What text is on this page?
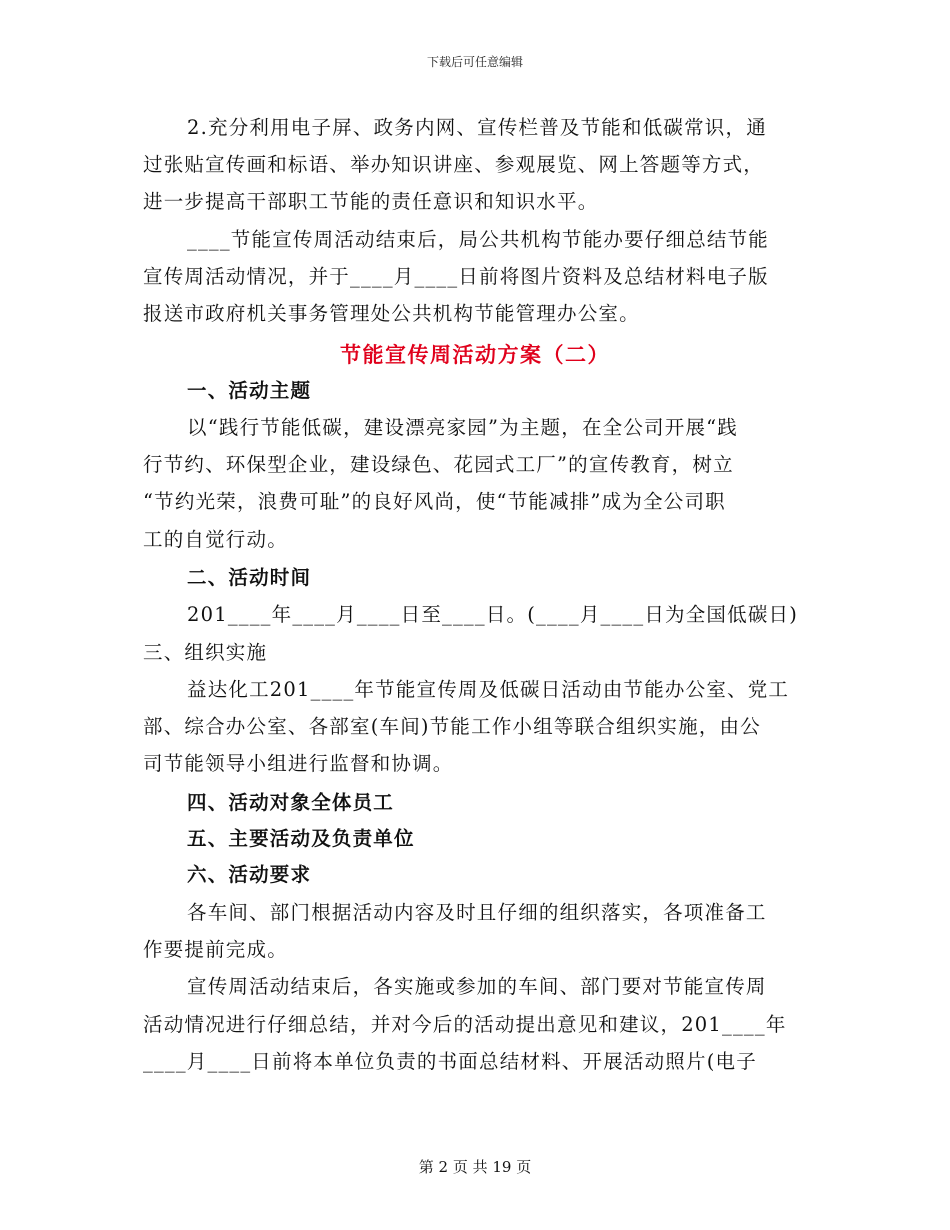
下载后可任意编辑
2.充分利用电子屏、政务内网、宣传栏普及节能和低碳常识，通
过张贴宣传画和标语、举办知识讲座、参观展览、网上答题等方式，
进一步提高干部职工节能的责任意识和知识水平。
____节能宣传周活动结束后，局公共机构节能办要仔细总结节能
宣传周活动情况，并于____月____日前将图片资料及总结材料电子版
报送市政府机关事务管理处公共机构节能管理办公室。
一、活动主题
以“践行节能低碳，建设漂亮家园”为主题，在全公司开展“践
行节约、环保型企业，建设绿色、花园式工厂”的宣传教育，树立
“节约光荣，浪费可耻”的良好风尚，使“节能减排”成为全公司职
工的自觉行动。
二、活动时间
201____年____月____日至____日。(____月____日为全国低碳日)
三、组织实施
益达化工201____年节能宣传周及低碳日活动由节能办公室、党工
部、综合办公室、各部室(车间)节能工作小组等联合组织实施，由公
司节能领导小组进行监督和协调。
四、活动对象全体员工
五、主要活动及负责单位
六、活动要求
各车间、部门根据活动内容及时且仔细的组织落实，各项准备工
作要提前完成。
宣传周活动结束后，各实施或参加的车间、部门要对节能宣传周
活动情况进行仔细总结，并对今后的活动提出意见和建议，201____年
____月____日前将本单位负责的书面总结材料、开展活动照片(电子
节能宣传周活动方案（二）
第 2 页 共 19 页
